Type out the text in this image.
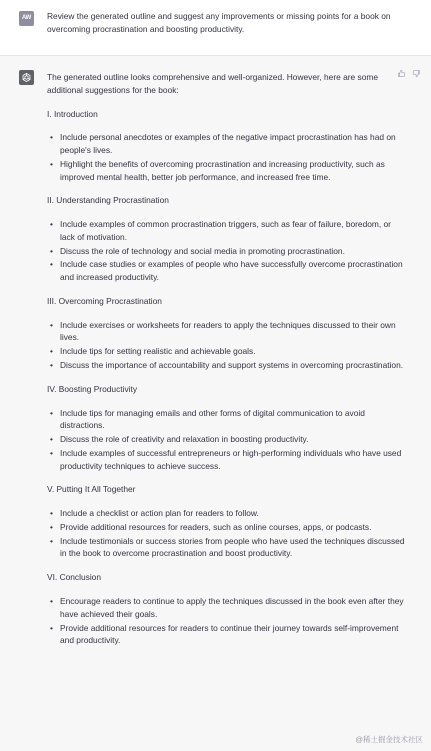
AW	Review the generated outline and suggest any improvements or missing points for a book on overcoming procrastination and boosting productivity.

The generated outline looks comprehensive and well-organized. However, here are some additional suggestions for the book:

I. Introduction

• Include personal anecdotes or examples of the negative impact procrastination has had on people's lives.
• Highlight the benefits of overcoming procrastination and increasing productivity, such as improved mental health, better job performance, and increased free time.

II. Understanding Procrastination

• Include examples of common procrastination triggers, such as fear of failure, boredom, or lack of motivation.
• Discuss the role of technology and social media in promoting procrastination.
• Include case studies or examples of people who have successfully overcome procrastination and increased productivity.

III. Overcoming Procrastination

• Include exercises or worksheets for readers to apply the techniques discussed to their own lives.
• Include tips for setting realistic and achievable goals.
• Discuss the importance of accountability and support systems in overcoming procrastination.

IV. Boosting Productivity

• Include tips for managing emails and other forms of digital communication to avoid distractions.
• Discuss the role of creativity and relaxation in boosting productivity.
• Include examples of successful entrepreneurs or high-performing individuals who have used productivity techniques to achieve success.

V. Putting It All Together

• Include a checklist or action plan for readers to follow.
• Provide additional resources for readers, such as online courses, apps, or podcasts.
• Include testimonials or success stories from people who have used the techniques discussed in the book to overcome procrastination and boost productivity.

VI. Conclusion

• Encourage readers to continue to apply the techniques discussed in the book even after they have achieved their goals.
• Provide additional resources for readers to continue their journey towards self-improvement and productivity.
@稀土掘金技术社区
